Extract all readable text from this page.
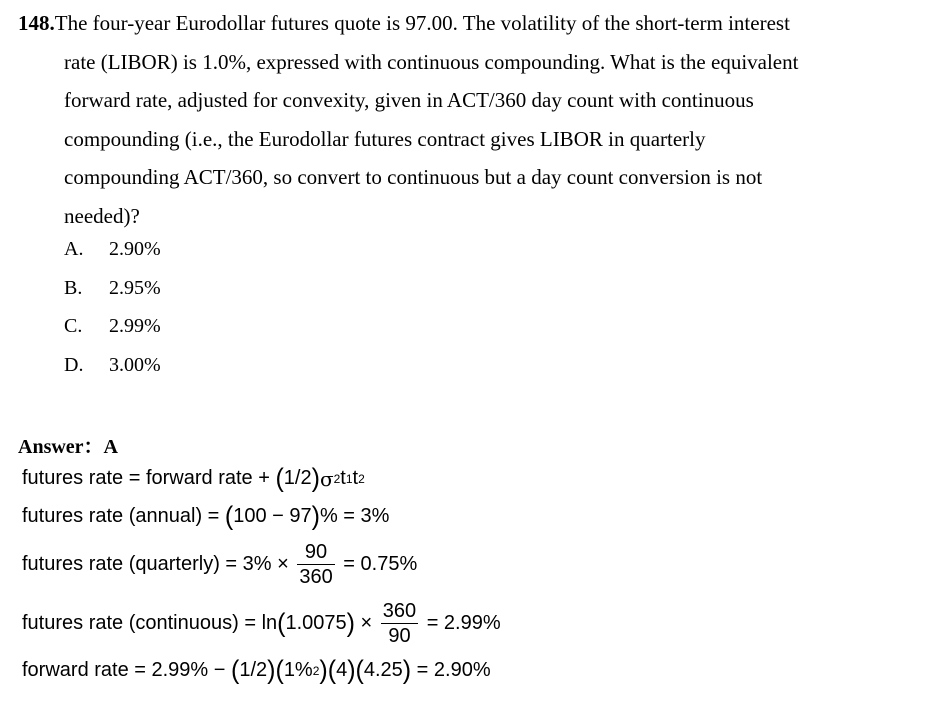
148.The four-year Eurodollar futures quote is 97.00. The volatility of the short-term interest
rate (LIBOR) is 1.0%, expressed with continuous compounding. What is the equivalent
forward rate, adjusted for convexity, given in ACT/360 day count with continuous
compounding (i.e., the Eurodollar futures contract gives LIBOR in quarterly
compounding ACT/360, so convert to continuous but a day count conversion is not
needed)?
A. 2.90%
B. 2.95%
C. 2.99%
D. 3.00%
Answer：A
futures rate = forward rate + ( 1/2 ) σ 2 t 1 t 2
futures rate (annual) = ( 100 − 97 ) % = 3%
futures rate (quarterly) = $3\% \times \frac{90}{360} = 0.75\%$
futures rate (continuous) = ln ( 1.0075 ) × $\frac{360}{90} = 2.99\%$
forward rate = 2.99% − ( 1/2 ) ( 1% 2 ) ( 4 ) ( 4.25 ) = 2.90%
